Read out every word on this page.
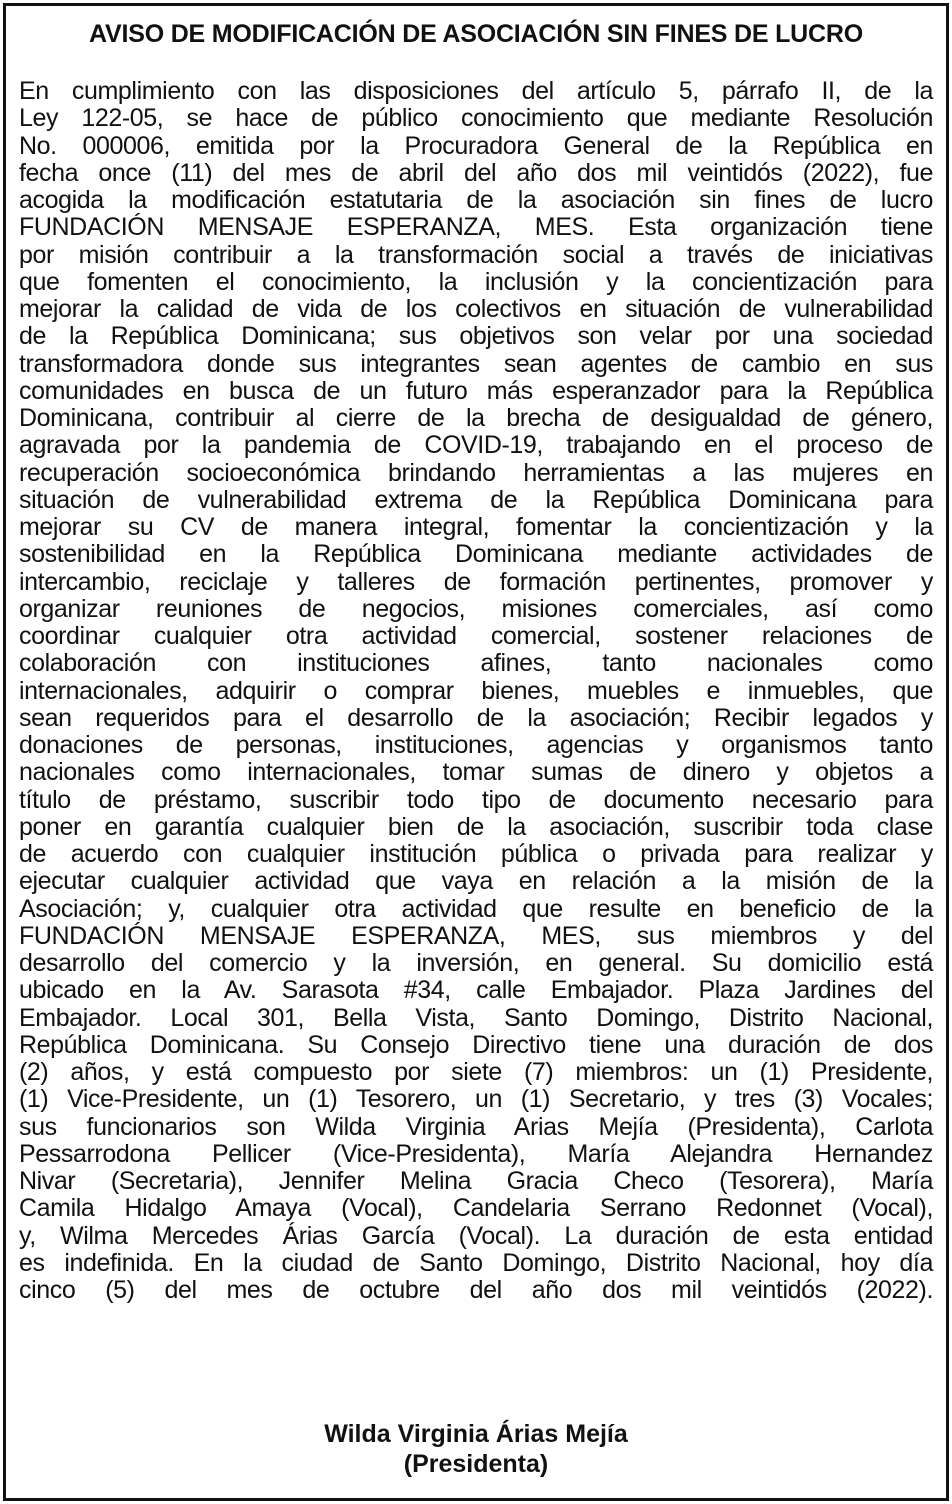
AVISO DE MODIFICACIÓN DE ASOCIACIÓN SIN FINES DE LUCRO
En cumplimiento con las disposiciones del artículo 5, párrafo II, de la
Ley 122-05, se hace de público conocimiento que mediante Resolución
No. 000006, emitida por la Procuradora General de la República en
fecha once (11) del mes de abril del año dos mil veintidós (2022), fue
acogida la modificación estatutaria de la asociación sin fines de lucro
FUNDACIÓN MENSAJE ESPERANZA, MES. Esta organización tiene
por misión contribuir a la transformación social a través de iniciativas
que fomenten el conocimiento, la inclusión y la concientización para
mejorar la calidad de vida de los colectivos en situación de vulnerabilidad
de la República Dominicana; sus objetivos son velar por una sociedad
transformadora donde sus integrantes sean agentes de cambio en sus
comunidades en busca de un futuro más esperanzador para la República
Dominicana, contribuir al cierre de la brecha de desigualdad de género,
agravada por la pandemia de COVID-19, trabajando en el proceso de
recuperación socioeconómica brindando herramientas a las mujeres en
situación de vulnerabilidad extrema de la República Dominicana para
mejorar su CV de manera integral, fomentar la concientización y la
sostenibilidad en la República Dominicana mediante actividades de
intercambio, reciclaje y talleres de formación pertinentes, promover y
organizar reuniones de negocios, misiones comerciales, así como
coordinar cualquier otra actividad comercial, sostener relaciones de
colaboración con instituciones afines, tanto nacionales como
internacionales, adquirir o comprar bienes, muebles e inmuebles, que
sean requeridos para el desarrollo de la asociación; Recibir legados y
donaciones de personas, instituciones, agencias y organismos tanto
nacionales como internacionales, tomar sumas de dinero y objetos a
título de préstamo, suscribir todo tipo de documento necesario para
poner en garantía cualquier bien de la asociación, suscribir toda clase
de acuerdo con cualquier institución pública o privada para realizar y
ejecutar cualquier actividad que vaya en relación a la misión de la
Asociación; y, cualquier otra actividad que resulte en beneficio de la
FUNDACIÓN MENSAJE ESPERANZA, MES, sus miembros y del
desarrollo del comercio y la inversión, en general. Su domicilio está
ubicado en la Av. Sarasota #34, calle Embajador. Plaza Jardines del
Embajador. Local 301, Bella Vista, Santo Domingo, Distrito Nacional,
República Dominicana. Su Consejo Directivo tiene una duración de dos
(2) años, y está compuesto por siete (7) miembros: un (1) Presidente,
(1) Vice-Presidente, un (1) Tesorero, un (1) Secretario, y tres (3) Vocales;
sus funcionarios son Wilda Virginia Arias Mejía (Presidenta), Carlota
Pessarrodona Pellicer (Vice-Presidenta), María Alejandra Hernandez
Nivar (Secretaria), Jennifer Melina Gracia Checo (Tesorera), María
Camila Hidalgo Amaya (Vocal), Candelaria Serrano Redonnet (Vocal),
y, Wilma Mercedes Árias García (Vocal). La duración de esta entidad
es indefinida. En la ciudad de Santo Domingo, Distrito Nacional, hoy día
cinco (5) del mes de octubre del año dos mil veintidós (2022).
Wilda Virginia Árias Mejía
(Presidenta)
